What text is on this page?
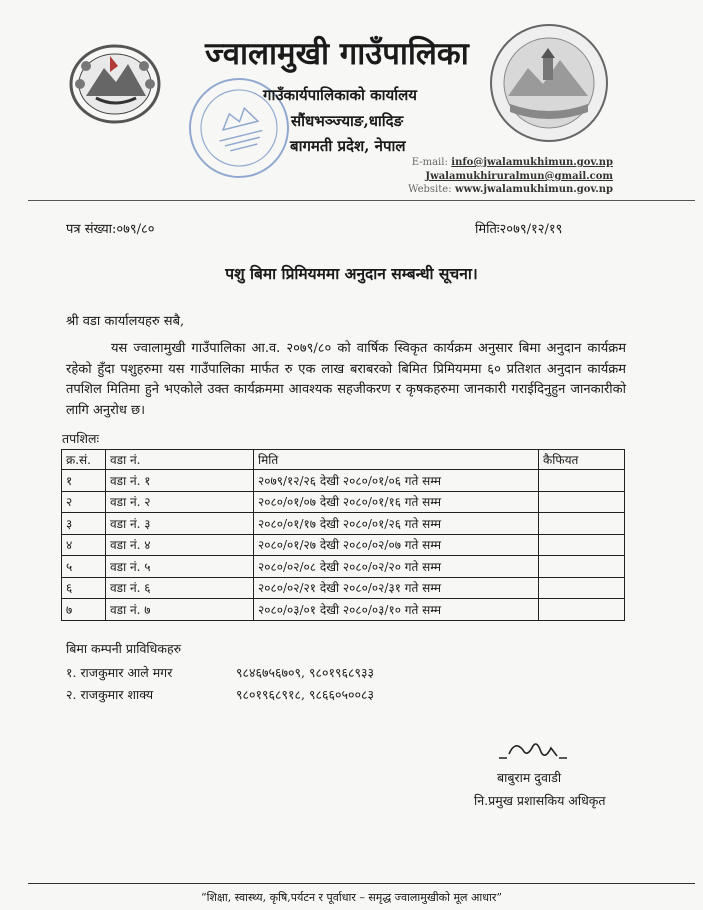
ज्वालामुखी गाउँपालिका
गाउँकार्यपालिकाको कार्यालय
सौंधभञ्ज्याङ,धादिङ
बागमती प्रदेश, नेपाल
E-mail: info@jwalamukhimun.gov.np
Jwalamukhiruralmun@gmail.com
Website: www.jwalamukhimun.gov.np
पत्र संख्या:०७९/८०	मितिः२०७९/१२/१९
पशु बिमा प्रिमियममा अनुदान सम्बन्धी सूचना।
श्री वडा कार्यालयहरु सबै,
यस ज्वालामुखी गाउँपालिका आ.व. २०७९/८० को वार्षिक स्विकृत कार्यक्रम अनुसार बिमा अनुदान कार्यक्रम रहेको हुँदा पशुहरुमा यस गाउँपालिका मार्फत रु एक लाख बराबरको बिमित प्रिमियममा ६० प्रतिशत अनुदान कार्यक्रम तपशिल मितिमा हुने भएकोले उक्त कार्यक्रममा आवश्यक सहजीकरण र कृषकहरुमा जानकारी गराईदिनुहुन जानकारीको लागि अनुरोध छ।
तपशिलः
क्र.सं.	वडा नं.	मिति	कैफियत
१	वडा नं. १	२०७९/१२/२६ देखी २०८०/०१/०६ गते सम्म	
२	वडा नं. २	२०८०/०१/०७ देखी २०८०/०१/१६ गते सम्म	
३	वडा नं. ३	२०८०/०१/१७ देखी २०८०/०१/२६ गते सम्म	
४	वडा नं. ४	२०८०/०१/२७ देखी २०८०/०२/०७ गते सम्म	
५	वडा नं. ५	२०८०/०२/०८ देखी २०८०/०२/२० गते सम्म	
६	वडा नं. ६	२०८०/०२/२१ देखी २०८०/०२/३१ गते सम्म	
७	वडा नं. ७	२०८०/०३/०१ देखी २०८०/०३/१० गते सम्म	
बिमा कम्पनी प्राविधिकहरु
१. राजकुमार आले मगर	९८४६७५६७०९, ९८०१९६८९३३
२. राजकुमार शाक्य	९८०१९६८९१८, ९८६६०५००८३
बाबुराम दुवाडी
नि.प्रमुख प्रशासकिय अधिकृत
“शिक्षा, स्वास्थ्य, कृषि,पर्यटन र पूर्वाधार – समृद्ध ज्वालामुखीको मूल आधार”
